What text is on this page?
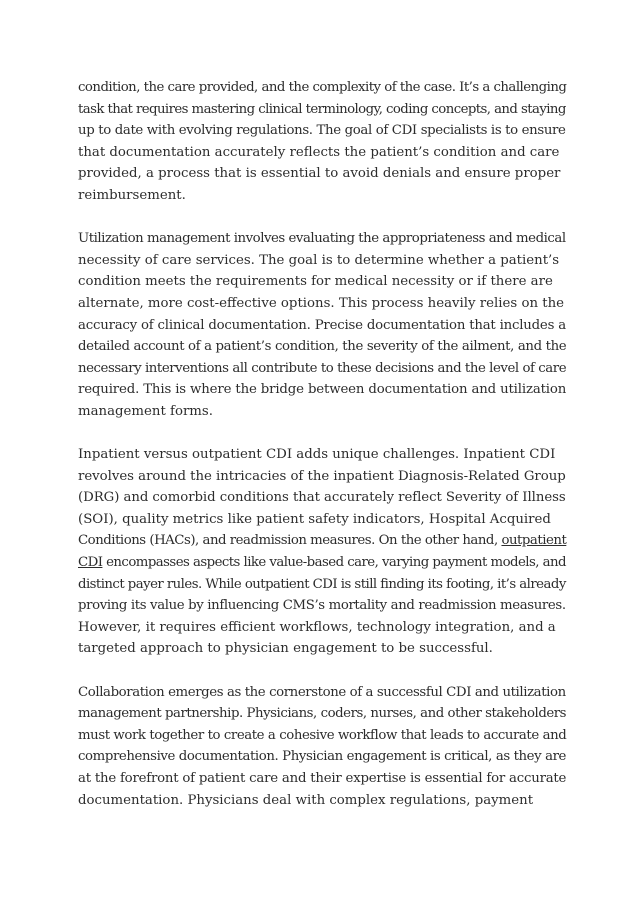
condition, the care provided, and the complexity of the case. It’s a challenging
task that requires mastering clinical terminology, coding concepts, and staying
up to date with evolving regulations. The goal of CDI specialists is to ensure
that documentation accurately reflects the patient’s condition and care
provided, a process that is essential to avoid denials and ensure proper
reimbursement.

Utilization management involves evaluating the appropriateness and medical
necessity of care services. The goal is to determine whether a patient’s
condition meets the requirements for medical necessity or if there are
alternate, more cost-effective options. This process heavily relies on the
accuracy of clinical documentation. Precise documentation that includes a
detailed account of a patient’s condition, the severity of the ailment, and the
necessary interventions all contribute to these decisions and the level of care
required. This is where the bridge between documentation and utilization
management forms.

Inpatient versus outpatient CDI adds unique challenges. Inpatient CDI
revolves around the intricacies of the inpatient Diagnosis-Related Group
(DRG) and comorbid conditions that accurately reflect Severity of Illness
(SOI), quality metrics like patient safety indicators, Hospital Acquired
Conditions (HACs), and readmission measures. On the other hand, outpatient
CDI encompasses aspects like value-based care, varying payment models, and
distinct payer rules. While outpatient CDI is still finding its footing, it’s already
proving its value by influencing CMS’s mortality and readmission measures.
However, it requires efficient workflows, technology integration, and a
targeted approach to physician engagement to be successful.

Collaboration emerges as the cornerstone of a successful CDI and utilization
management partnership. Physicians, coders, nurses, and other stakeholders
must work together to create a cohesive workflow that leads to accurate and
comprehensive documentation. Physician engagement is critical, as they are
at the forefront of patient care and their expertise is essential for accurate
documentation. Physicians deal with complex regulations, payment
